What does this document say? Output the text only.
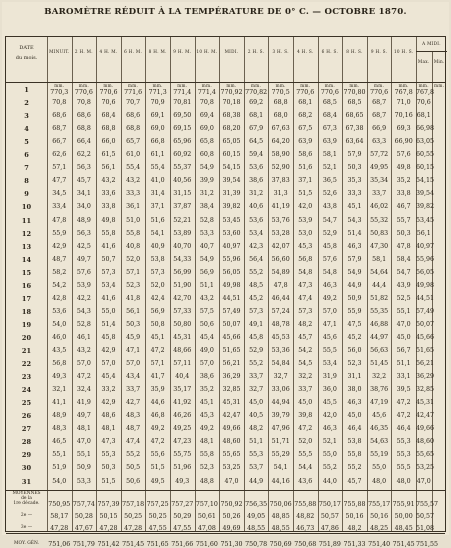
BAROMÈTRE RÉDUIT À LA TEMPÉRATURE DE 0° C. — OCTOBRE 1870.
DATE
du mois.
MINUIT.	2 H. M.	4 H. M.	6 H. M.	8 H. M.	9 H. M.	10 H. M.	MIDI.	2 H. S.	3 H. S.	4 H. S.	6 H. S.	8 H. S.	9 H. S.	10 H. S.
A MIDI.
Max.	Min.
1
mm.	mm.	mm.	mm.	mm.	mm.	mm.	mm.	mm.	mm.	mm.	mm.	mm.	mm.	mm.	mm.	mm.
770,3	770,6	770,6	771,6	771,3	771,4	771,4 770,92 770,82 770,5	770,6	770,6 770,80 770,6	767,8 767,8
2	70,8	70,8	70,6	70,7	70,9	70,81	70,8	70,18	69,2	68,8	68,1	68,5	68,5	68,7	71,0 70,6
3	68,6	68,6	68,4	68,6	69,1	69,50	69,4	68,38	68,1	68,0	68,2	68,4	68,65	68,7	70,16 68,1
4	68,7	68,8	68,8	68,8	69,0	69,15	69,0	68,20	67,9	67,63	67,5	67,3	67,38	66,9	69,3 66,98
5	66,7	66,4	66,0	65,7	66,8	65,96	65,8	65,05	64,5	64,20	63,9	63,9	63,64	63,3	66,90 63,05
6	62,6	62,2	61,5	61,0	61,1	60,92	60,8	60,15	59,4	58,90	58,6	58,1	57,9	57,72	57,6 60,55
7	57,1	56,3	56,1	55,4	55,4	55,37	54,9	54,15	53,6	52,90	51,6	52,1	50,3	49,95	49,8 60,15
8	47,7	45,7	43,2	43,2	41,0	40,56	39,9	39,54	38,6	37,83	37,1	36,5	35,3	35,34	35,2 54,15
9	34,5	34,1	33,6	33,3	31,4	31,15	31,2	31,39	31,2	31,3	51,5	52,6	33,3	33,7	33,8 39,54
10	33,4	34,0	33,8	36,1	37,1	37,87	38,4	39,82	40,6	41,19	42,0	43,8	45,1	46,02	46,7 39,82
11	47,8	48,9	49,8	51,0	51,6	52,21	52,8	53,45	53,6	53,76	53,9	54,7	54,3	55,32	55,7 53,45
12	55,9	56,3	55,8	55,8	54,1	53,89	53,3	53,60	53,4	53,28	53,0	52,9	51,4	50,83	50,3 56,1
13	42,9	42,5	41,6	40,8	40,9	40,70	40,7	40,97	42,3	42,07	45,3	45,8	46,3	47,30	47,8 40,97
14	48,7	49,7	50,7	52,0	53,8	54,33	54,9	55,96	56,4	56,60	56,8	57,6	57,9	58,1	58,4 55,96
15	58,2	57,6	57,3	57,1	57,3	56,99	56,9	56,05	55,2	54,89	54,8	54,8	54,9	54,64	54,7 56,05
16	54,2	53,9	53,4	52,3	52,0	51,90	51,1	49,98	48,5	47,8	47,3	46,3	44,9	44,4	43,9 49,98
17	42,8	42,2	41,6	41,8	42,4	42,70	43,2	44,51	45,2	46,44	47,4	49,2	50,9	51,82	52,5 44,51
18	53,6	54,3	55,0	56,1	56,9	57,33	57,5	57,49	57,3	57,24	57,3	57,0	55,9	55,35	55,1 57,49
19	54,0	52,8	51,4	50,3	50,8	50,80	50,6	50,07	49,1	48,78	48,2	47,1	47,5	46,88	47,0 50,07
20	46,0	46,1	45,8	45,9	45,1	45,31	45,4	45,66	45,8	45,53	45,7	45,6	45,2	44,97	45,0 45,66
21	43,5	43,2	42,9	47,1	47,2	48,66	49,0	51,65	52,9	53,36	54,2	55,5	56,0	56,63	56,7 51,65
22	56,8	57,0	57,0	57,0	57,1	57,11	57,0	56,21	55,2	54,84	54,5	53,4	52,3	51,45	51,1 56,21
23	49,3	47,2	45,4	43,4	41,7	40,4	38,6	36,29	33,7	32,7	32,2	31,9	31,1	32,2	33,1 36,29
24	32,1	32,4	33,2	33,7	35,9	35,17	35,2	32,85	32,7	33,06	33,7	36,0	38,0	38,76	39,5 32,85
25	41,1	41,9	42,9	42,7	44,6	41,92	45,1	45,31	45,0	44,94	45,0	45,5	46,3	47,19	47,2 45,31
26	48,9	49,7	48,6	48,3	46,8	46,26	45,3	42,47	40,5	39,79	39,8	42,0	45,0	45,6	47,2 42,47
27	48,3	48,1	48,1	48,7	49,2	49,25	49,2	49,66	48,2	47,96	47,2	46,3	46,4	46,35	46,4 49,66
28	46,5	47,0	47,3	47,4	47,2	47,23	48,1	48,60	51,1	51,71	52,0	52,1	53,8	54,63	55,3 48,60
29	55,1	55,1	55,3	55,2	55,6	55,75	55,8	55,65	55,3	55,29	55,5	55,0	55,8	55,19	55,3 55,65
30	51,9	50,9	50,3	50,5	51,5	51,96	52,3	53,25	53,7	54,1	54,4	55,2	55,2	55,0	55,5 53,25
31	54,0	53,3	51,5	50,6	49,5	49,3	48,8	47,0	44,9	44,16	43,6	44,0	45,7	48,0	48,0 47,0
MOYENNES
de la
1re décade.	750,95 757,74 757,39 757,18 757,25 757,27 757,10 750,92 756,35 750,06 755,88 750,17 755,88 755,17 755,91 755,57
2e —	58,17	50,28	50,15	50,25	50,25	50,29	50,61	50,26	49,05	48,85	48,82	50,57	50,16	50,16	50,00 50,57
3e —	47,28	47,67	47,28	47,28	47,55	47,55	47,08	49,69	48,55	48,55	46,73	47,86	48,2	48,25	48,45 51,08
MOY. GÉN.	751,06 751,79 751,42 751,45 751,65 751,66 751,60 751,30 750,78 750,69 750,68 751,89 751,33 751,40 751,45 751,55
